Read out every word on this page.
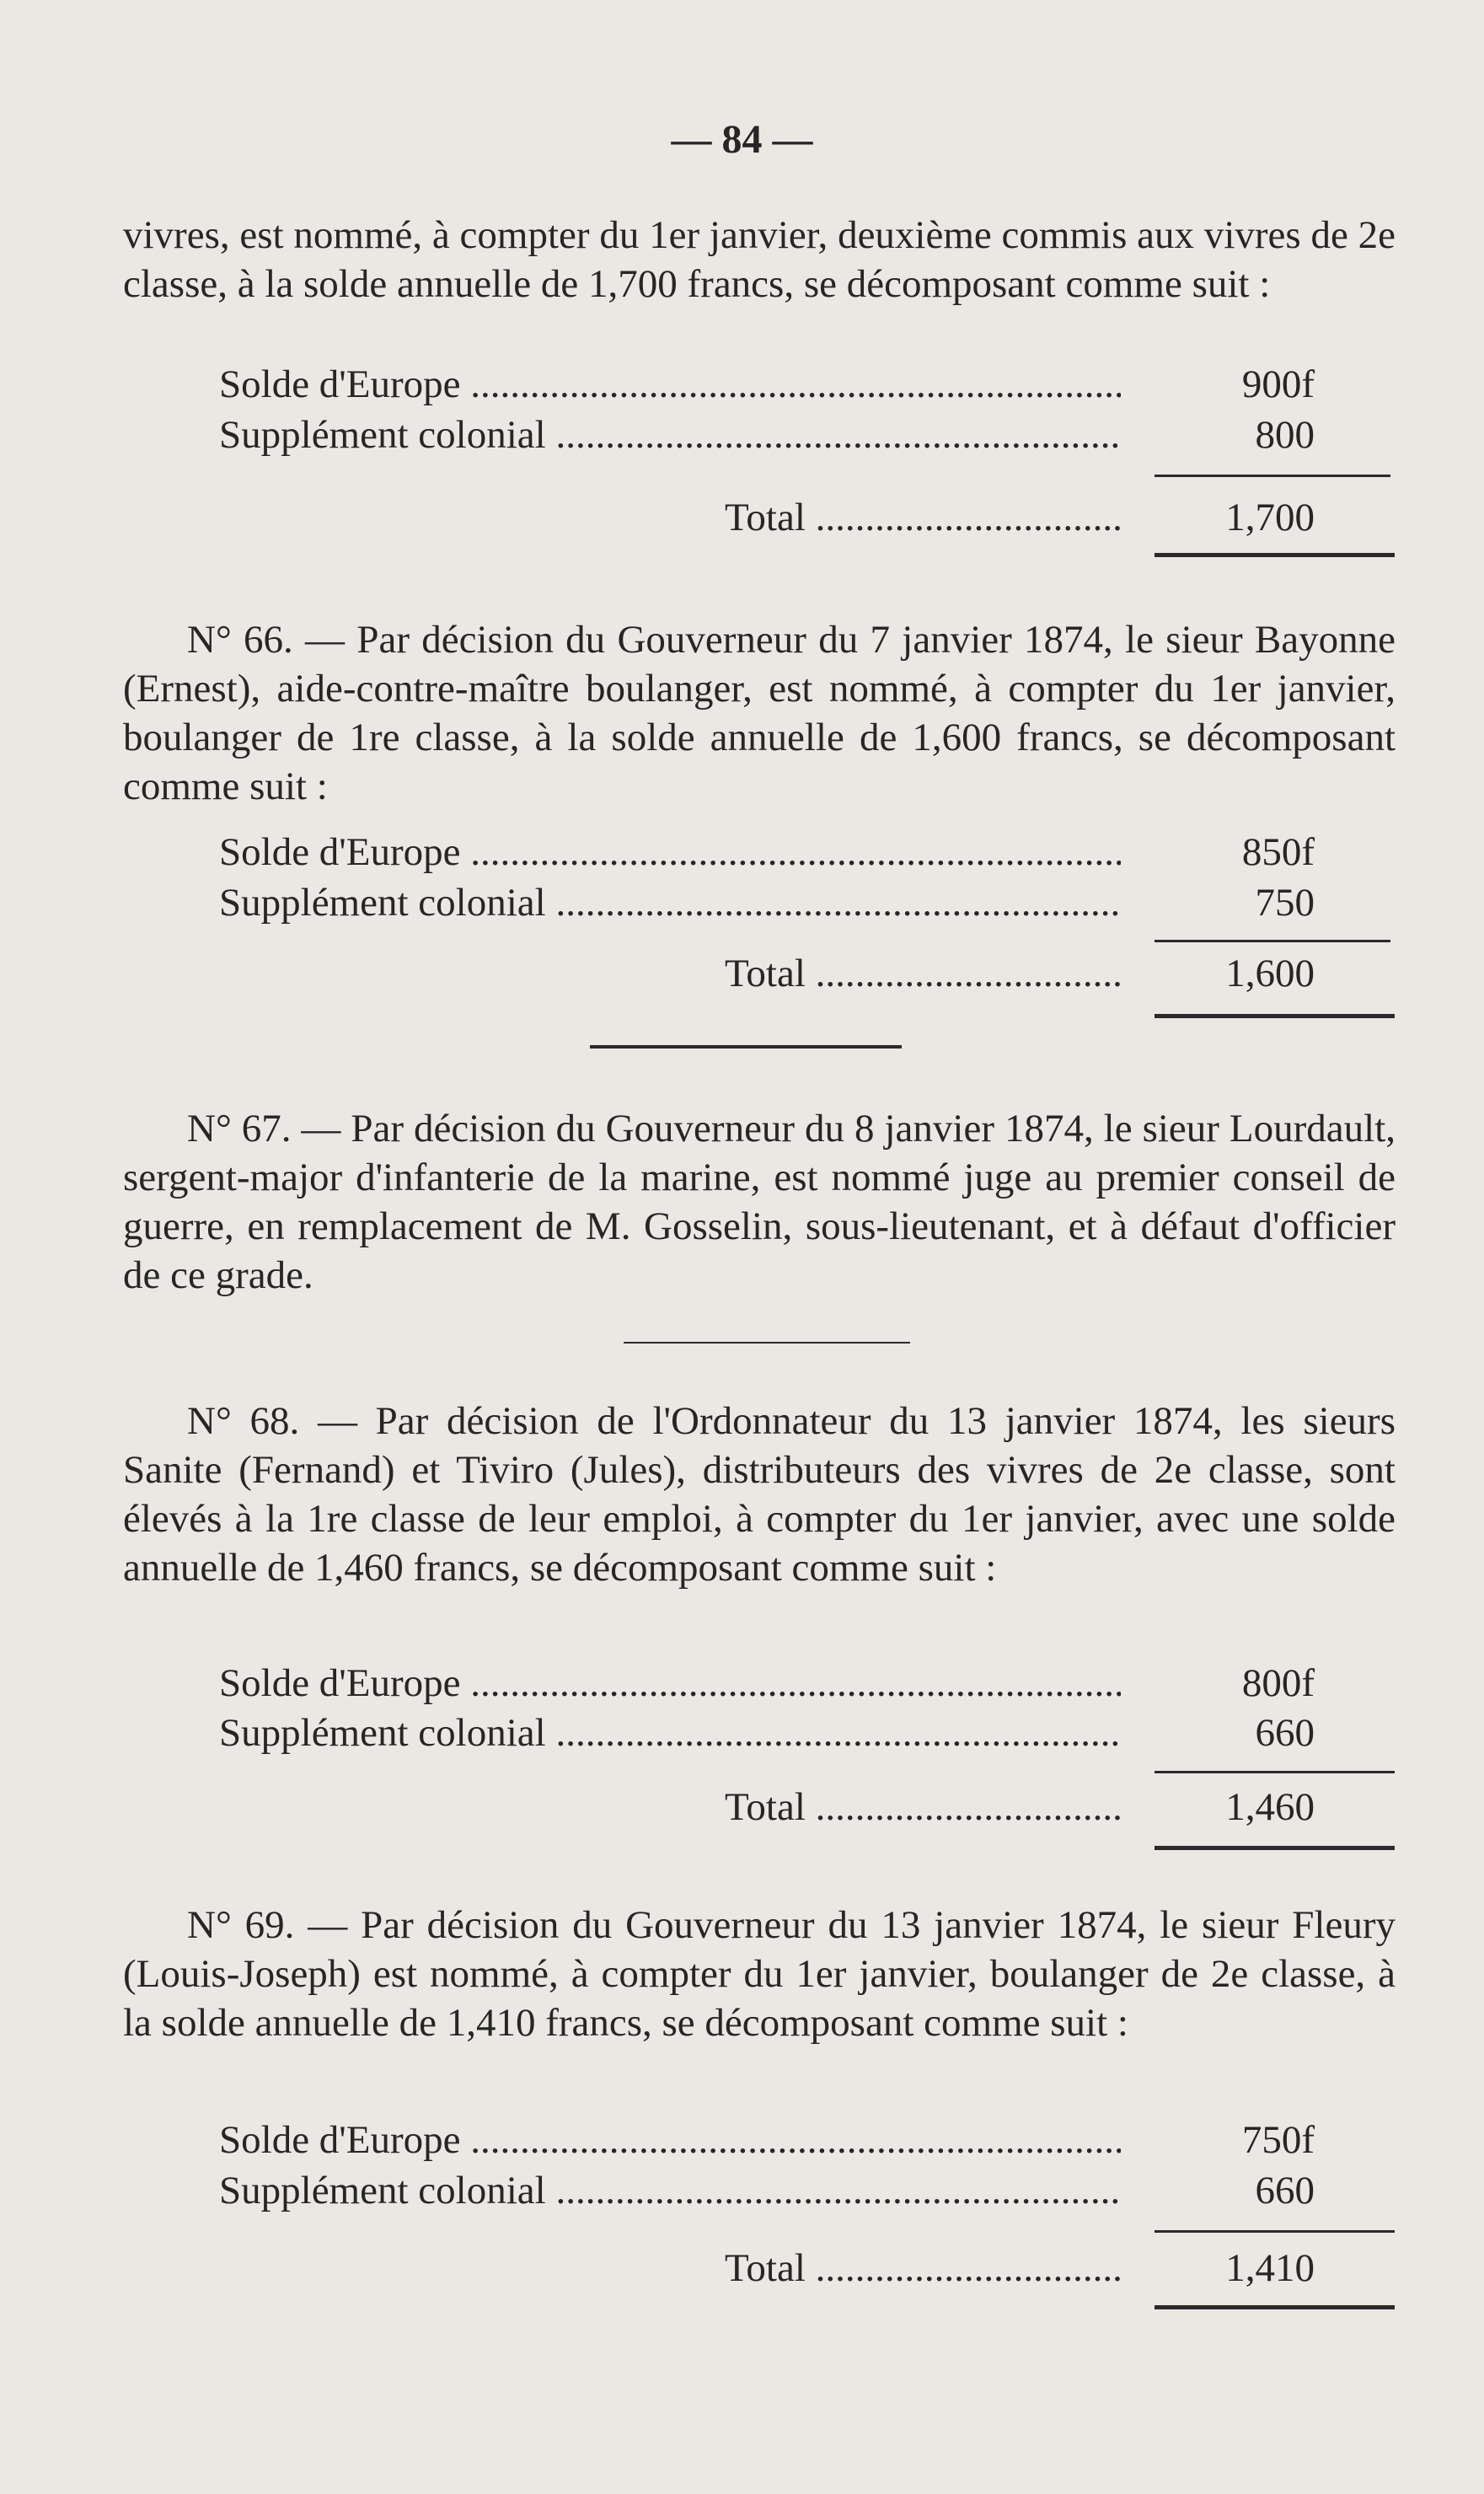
— 84 —

vivres, est nommé, à compter du 1er janvier, deuxième commis aux vivres de 2e classe, à la solde annuelle de 1,700 francs, se décomposant comme suit :

Solde d'Europe .....	900f
Supplément colonial .....	800
Total .....	1,700

N° 66. — Par décision du Gouverneur du 7 janvier 1874, le sieur Bayonne (Ernest), aide-contre-maître boulanger, est nommé, à compter du 1er janvier, boulanger de 1re classe, à la solde annuelle de 1,600 francs, se décomposant comme suit :

Solde d'Europe .....	850f
Supplément colonial .....	750
Total .....	1,600

N° 67. — Par décision du Gouverneur du 8 janvier 1874, le sieur Lourdault, sergent-major d'infanterie de la marine, est nommé juge au premier conseil de guerre, en remplacement de M. Gosselin, sous-lieutenant, et à défaut d'officier de ce grade.

N° 68. — Par décision de l'Ordonnateur du 13 janvier 1874, les sieurs Sanite (Fernand) et Tiviro (Jules), distributeurs des vivres de 2e classe, sont élevés à la 1re classe de leur emploi, à compter du 1er janvier, avec une solde annuelle de 1,460 francs, se décomposant comme suit :

Solde d'Europe .....	800f
Supplément colonial .....	660
Total .....	1,460

N° 69. — Par décision du Gouverneur du 13 janvier 1874, le sieur Fleury (Louis-Joseph) est nommé, à compter du 1er janvier, boulanger de 2e classe, à la solde annuelle de 1,410 francs, se décomposant comme suit :

Solde d'Europe .....	750f
Supplément colonial .....	660
Total .....	1,410
